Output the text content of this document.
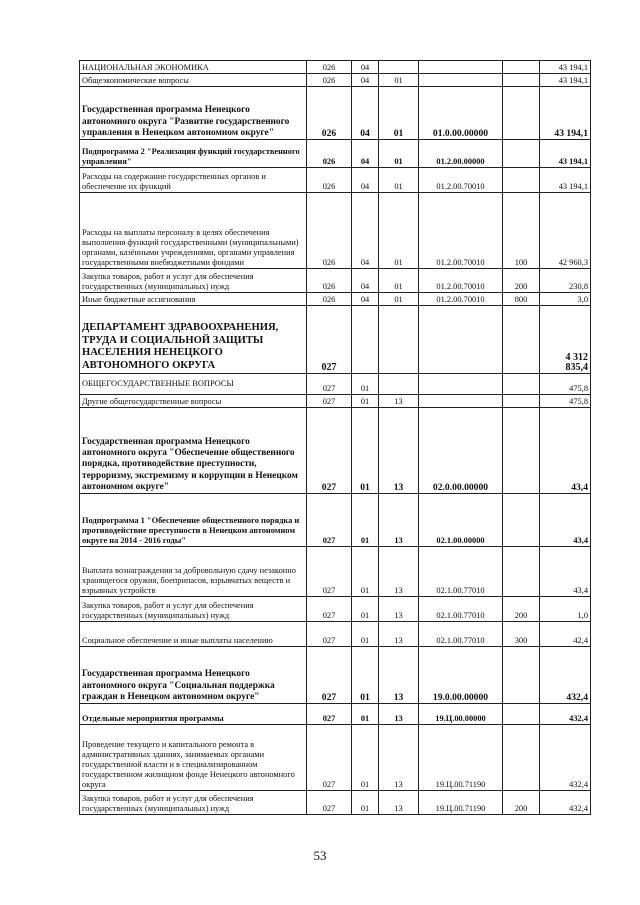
НАЦИОНАЛЬНАЯ ЭКОНОМИКА	026	04				43 194,1
Общеэкономические вопросы	026	04	01			43 194,1
Государственная программа Ненецкого автономного округа "Развитие государственного управления в Ненецком автономном округе"	026	04	01	01.0.00.00000		43 194,1
Подпрограмма 2 "Реализация функций государственного управления"	026	04	01	01.2.00.00000		43 194,1
Расходы на содержание государственных органов и обеспечение их функций	026	04	01	01.2.00.70010		43 194,1
Расходы на выплаты персоналу в целях обеспечения выполнения функций государственными (муниципальными) органами, казёнными учреждениями, органами управления государственными внебюджетными фондами	026	04	01	01.2.00.70010	100	42 960,3
Закупка товаров, работ и услуг для обеспечения государственных (муниципальных) нужд	026	04	01	01.2.00.70010	200	230,8
Иные бюджетные ассигнования	026	04	01	01.2.00.70010	800	3,0
ДЕПАРТАМЕНТ ЗДРАВООХРАНЕНИЯ, ТРУДА И СОЦИАЛЬНОЙ ЗАЩИТЫ НАСЕЛЕНИЯ НЕНЕЦКОГО АВТОНОМНОГО ОКРУГА	027					4 312 835,4
ОБЩЕГОСУДАРСТВЕННЫЕ ВОПРОСЫ	027	01				475,8
Другие общегосударственные вопросы	027	01	13			475,8
Государственная программа Ненецкого автономного округа "Обеспечение общественного порядка, противодействие преступности, терроризму, экстремизму и коррупции в Ненецком автономном округе"	027	01	13	02.0.00.00000		43,4
Подпрограмма 1 "Обеспечение общественного порядка и противодействие преступности в Ненецком автономном округе на 2014 - 2016 годы"	027	01	13	02.1.00.00000		43,4
Выплата вознаграждения за добровольную сдачу незаконно хранящегося оружия, боеприпасов, взрывчатых веществ и взрывных устройств	027	01	13	02.1.00.77010		43,4
Закупка товаров, работ и услуг для обеспечения государственных (муниципальных) нужд	027	01	13	02.1.00.77010	200	1,0
Социальное обеспечение и иные выплаты населению	027	01	13	02.1.00.77010	300	42,4
Государственная программа Ненецкого автономного округа "Социальная поддержка граждан в Ненецком автономном округе"	027	01	13	19.0.00.00000		432,4
Отдельные мероприятия программы	027	01	13	19.Ц.00.00000		432,4
Проведение текущего и капитального ремонта в административных зданиях, занимаемых органами государственной власти и в специализированном государственном жилищном фонде Ненецкого автономного округа	027	01	13	19.Ц.00.71190		432,4
Закупка товаров, работ и услуг для обеспечения государственных (муниципальных) нужд	027	01	13	19.Ц.00.71190	200	432,4
53
